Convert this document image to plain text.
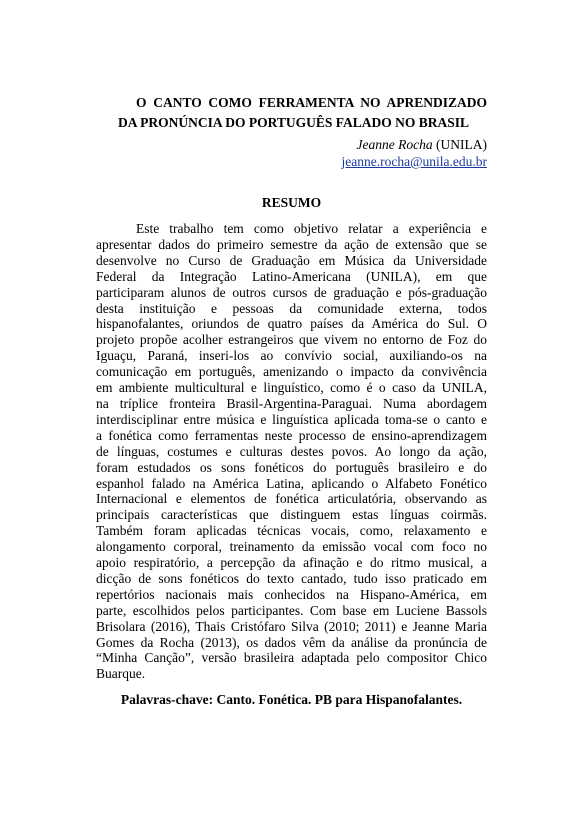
O CANTO COMO FERRAMENTA NO APRENDIZADO
DA PRONÚNCIA DO PORTUGUÊS FALADO NO BRASIL
Jeanne Rocha (UNILA)
jeanne.rocha@unila.edu.br
RESUMO
Este trabalho tem como objetivo relatar a experiência e
apresentar dados do primeiro semestre da ação de extensão que se
desenvolve no Curso de Graduação em Música da Universidade
Federal da Integração Latino-Americana (UNILA), em que
participaram alunos de outros cursos de graduação e pós-graduação
desta instituição e pessoas da comunidade externa, todos
hispanofalantes, oriundos de quatro países da América do Sul. O
projeto propõe acolher estrangeiros que vivem no entorno de Foz do
Iguaçu, Paraná, inseri-los ao convívio social, auxiliando-os na
comunicação em português, amenizando o impacto da convivência
em ambiente multicultural e linguístico, como é o caso da UNILA,
na tríplice fronteira Brasil-Argentina-Paraguai. Numa abordagem
interdisciplinar entre música e linguística aplicada toma-se o canto e
a fonética como ferramentas neste processo de ensino-aprendizagem
de línguas, costumes e culturas destes povos. Ao longo da ação,
foram estudados os sons fonéticos do português brasileiro e do
espanhol falado na América Latina, aplicando o Alfabeto Fonético
Internacional e elementos de fonética articulatória, observando as
principais características que distinguem estas línguas coirmãs.
Também foram aplicadas técnicas vocais, como, relaxamento e
alongamento corporal, treinamento da emissão vocal com foco no
apoio respiratório, a percepção da afinação e do ritmo musical, a
dicção de sons fonéticos do texto cantado, tudo isso praticado em
repertórios nacionais mais conhecidos na Hispano-América, em
parte, escolhidos pelos participantes. Com base em Luciene Bassols
Brisolara (2016), Thais Cristófaro Silva (2010; 2011) e Jeanne Maria
Gomes da Rocha (2013), os dados vêm da análise da pronúncia de
“Minha Canção”, versão brasileira adaptada pelo compositor Chico
Buarque.
Palavras-chave: Canto. Fonética. PB para Hispanofalantes.
